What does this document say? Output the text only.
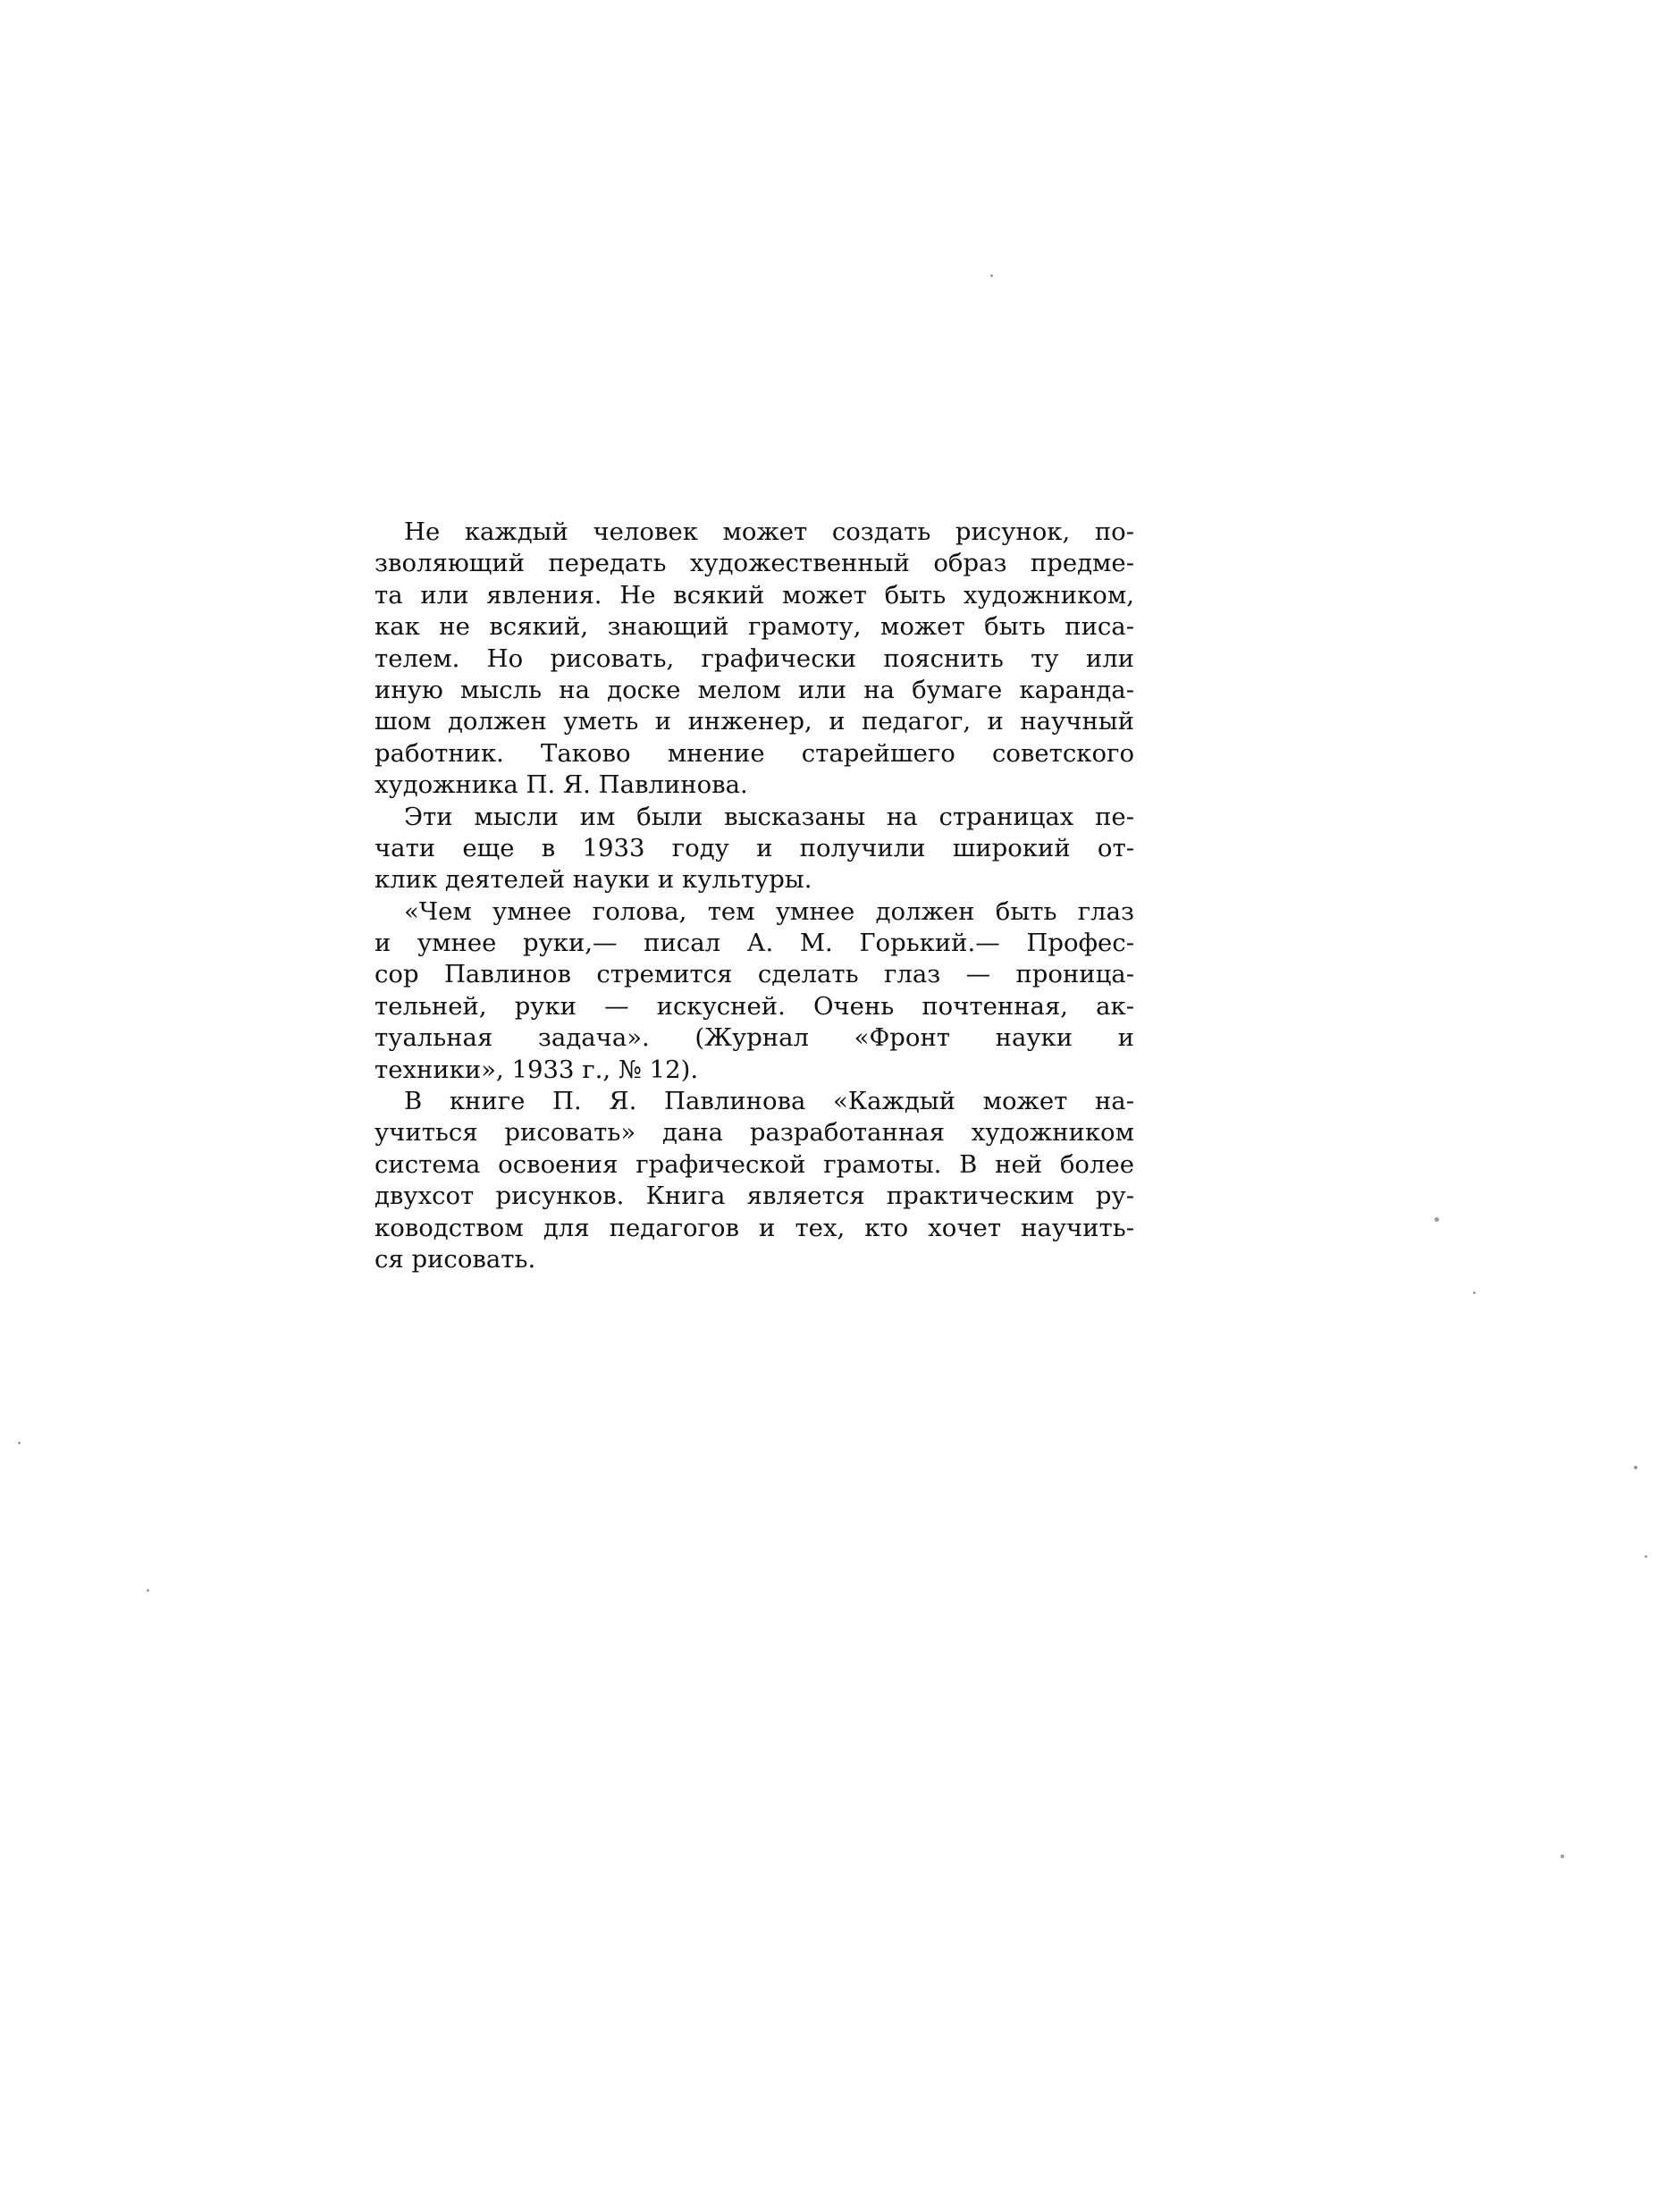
Не каждый человек может создать рисунок, по-
зволяющий передать художественный образ предме-
та или явления. Не всякий может быть художником,
как не всякий, знающий грамоту, может быть писа-
телем. Но рисовать, графически пояснить ту или
иную мысль на доске мелом или на бумаге каранда-
шом должен уметь и инженер, и педагог, и научный
работник. Таково мнение старейшего советского
художника П. Я. Павлинова.
Эти мысли им были высказаны на страницах пе-
чати еще в 1933 году и получили широкий от-
клик деятелей науки и культуры.
«Чем умнее голова, тем умнее должен быть глаз
и умнее руки,— писал А. М. Горький.— Профес-
сор Павлинов стремится сделать глаз — проница-
тельней, руки — искусней. Очень почтенная, ак-
туальная задача». (Журнал «Фронт науки и
техники», 1933 г., № 12).
В книге П. Я. Павлинова «Каждый может на-
учиться рисовать» дана разработанная художником
система освоения графической грамоты. В ней более
двухсот рисунков. Книга является практическим ру-
ководством для педагогов и тех, кто хочет научить-
ся рисовать.
